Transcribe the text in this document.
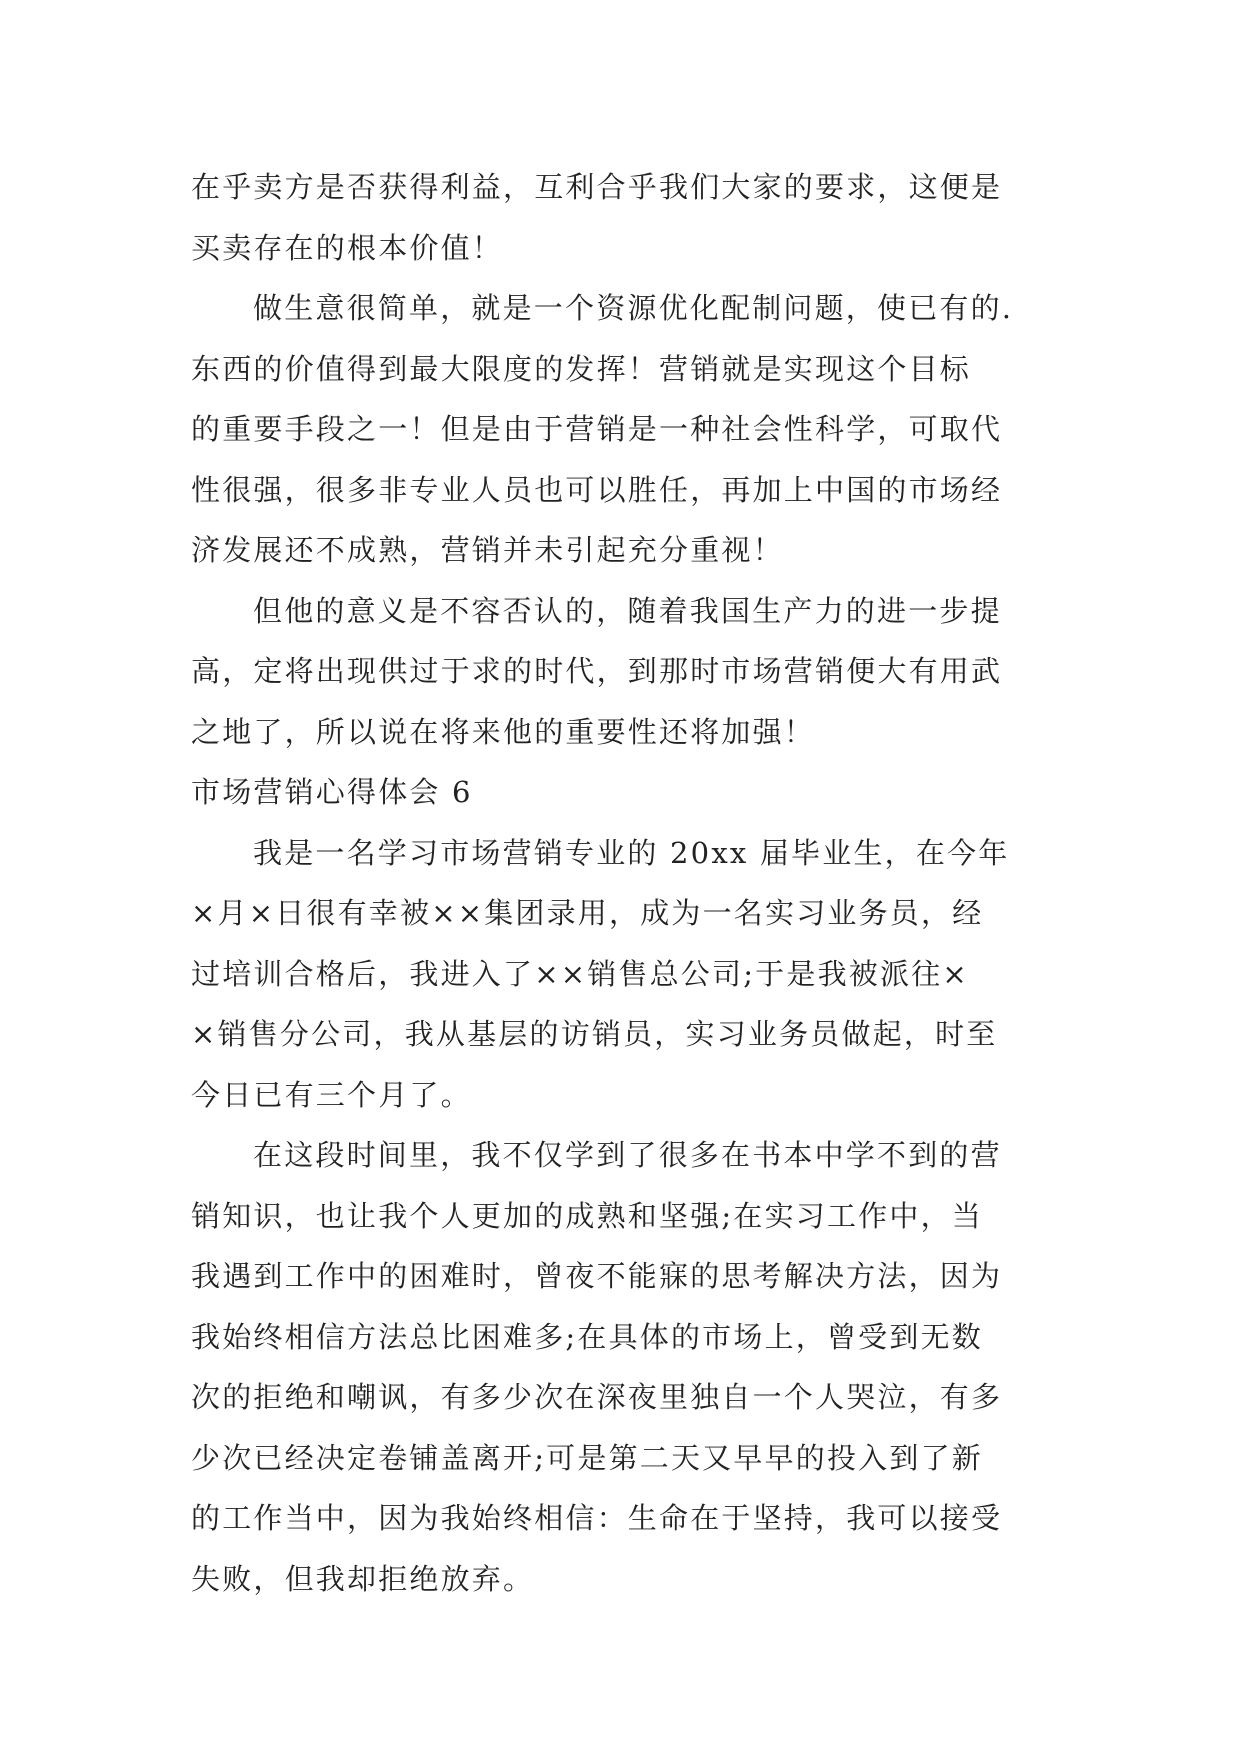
在乎卖方是否获得利益，互利合乎我们大家的要求，这便是
买卖存在的根本价值！
做生意很简单，就是一个资源优化配制问题，使已有的.
东西的价值得到最大限度的发挥！营销就是实现这个目标
的重要手段之一！但是由于营销是一种社会性科学，可取代
性很强，很多非专业人员也可以胜任，再加上中国的市场经
济发展还不成熟，营销并未引起充分重视！
但他的意义是不容否认的，随着我国生产力的进一步提
高，定将出现供过于求的时代，到那时市场营销便大有用武
之地了，所以说在将来他的重要性还将加强！
市场营销心得体会 6
我是一名学习市场营销专业的 20xx 届毕业生，在今年
×月×日很有幸被××集团录用，成为一名实习业务员，经
过培训合格后，我进入了××销售总公司;于是我被派往×
×销售分公司，我从基层的访销员，实习业务员做起，时至
今日已有三个月了。
在这段时间里，我不仅学到了很多在书本中学不到的营
销知识，也让我个人更加的成熟和坚强;在实习工作中，当
我遇到工作中的困难时，曾夜不能寐的思考解决方法，因为
我始终相信方法总比困难多;在具体的市场上，曾受到无数
次的拒绝和嘲讽，有多少次在深夜里独自一个人哭泣，有多
少次已经决定卷铺盖离开;可是第二天又早早的投入到了新
的工作当中，因为我始终相信：生命在于坚持，我可以接受
失败，但我却拒绝放弃。
